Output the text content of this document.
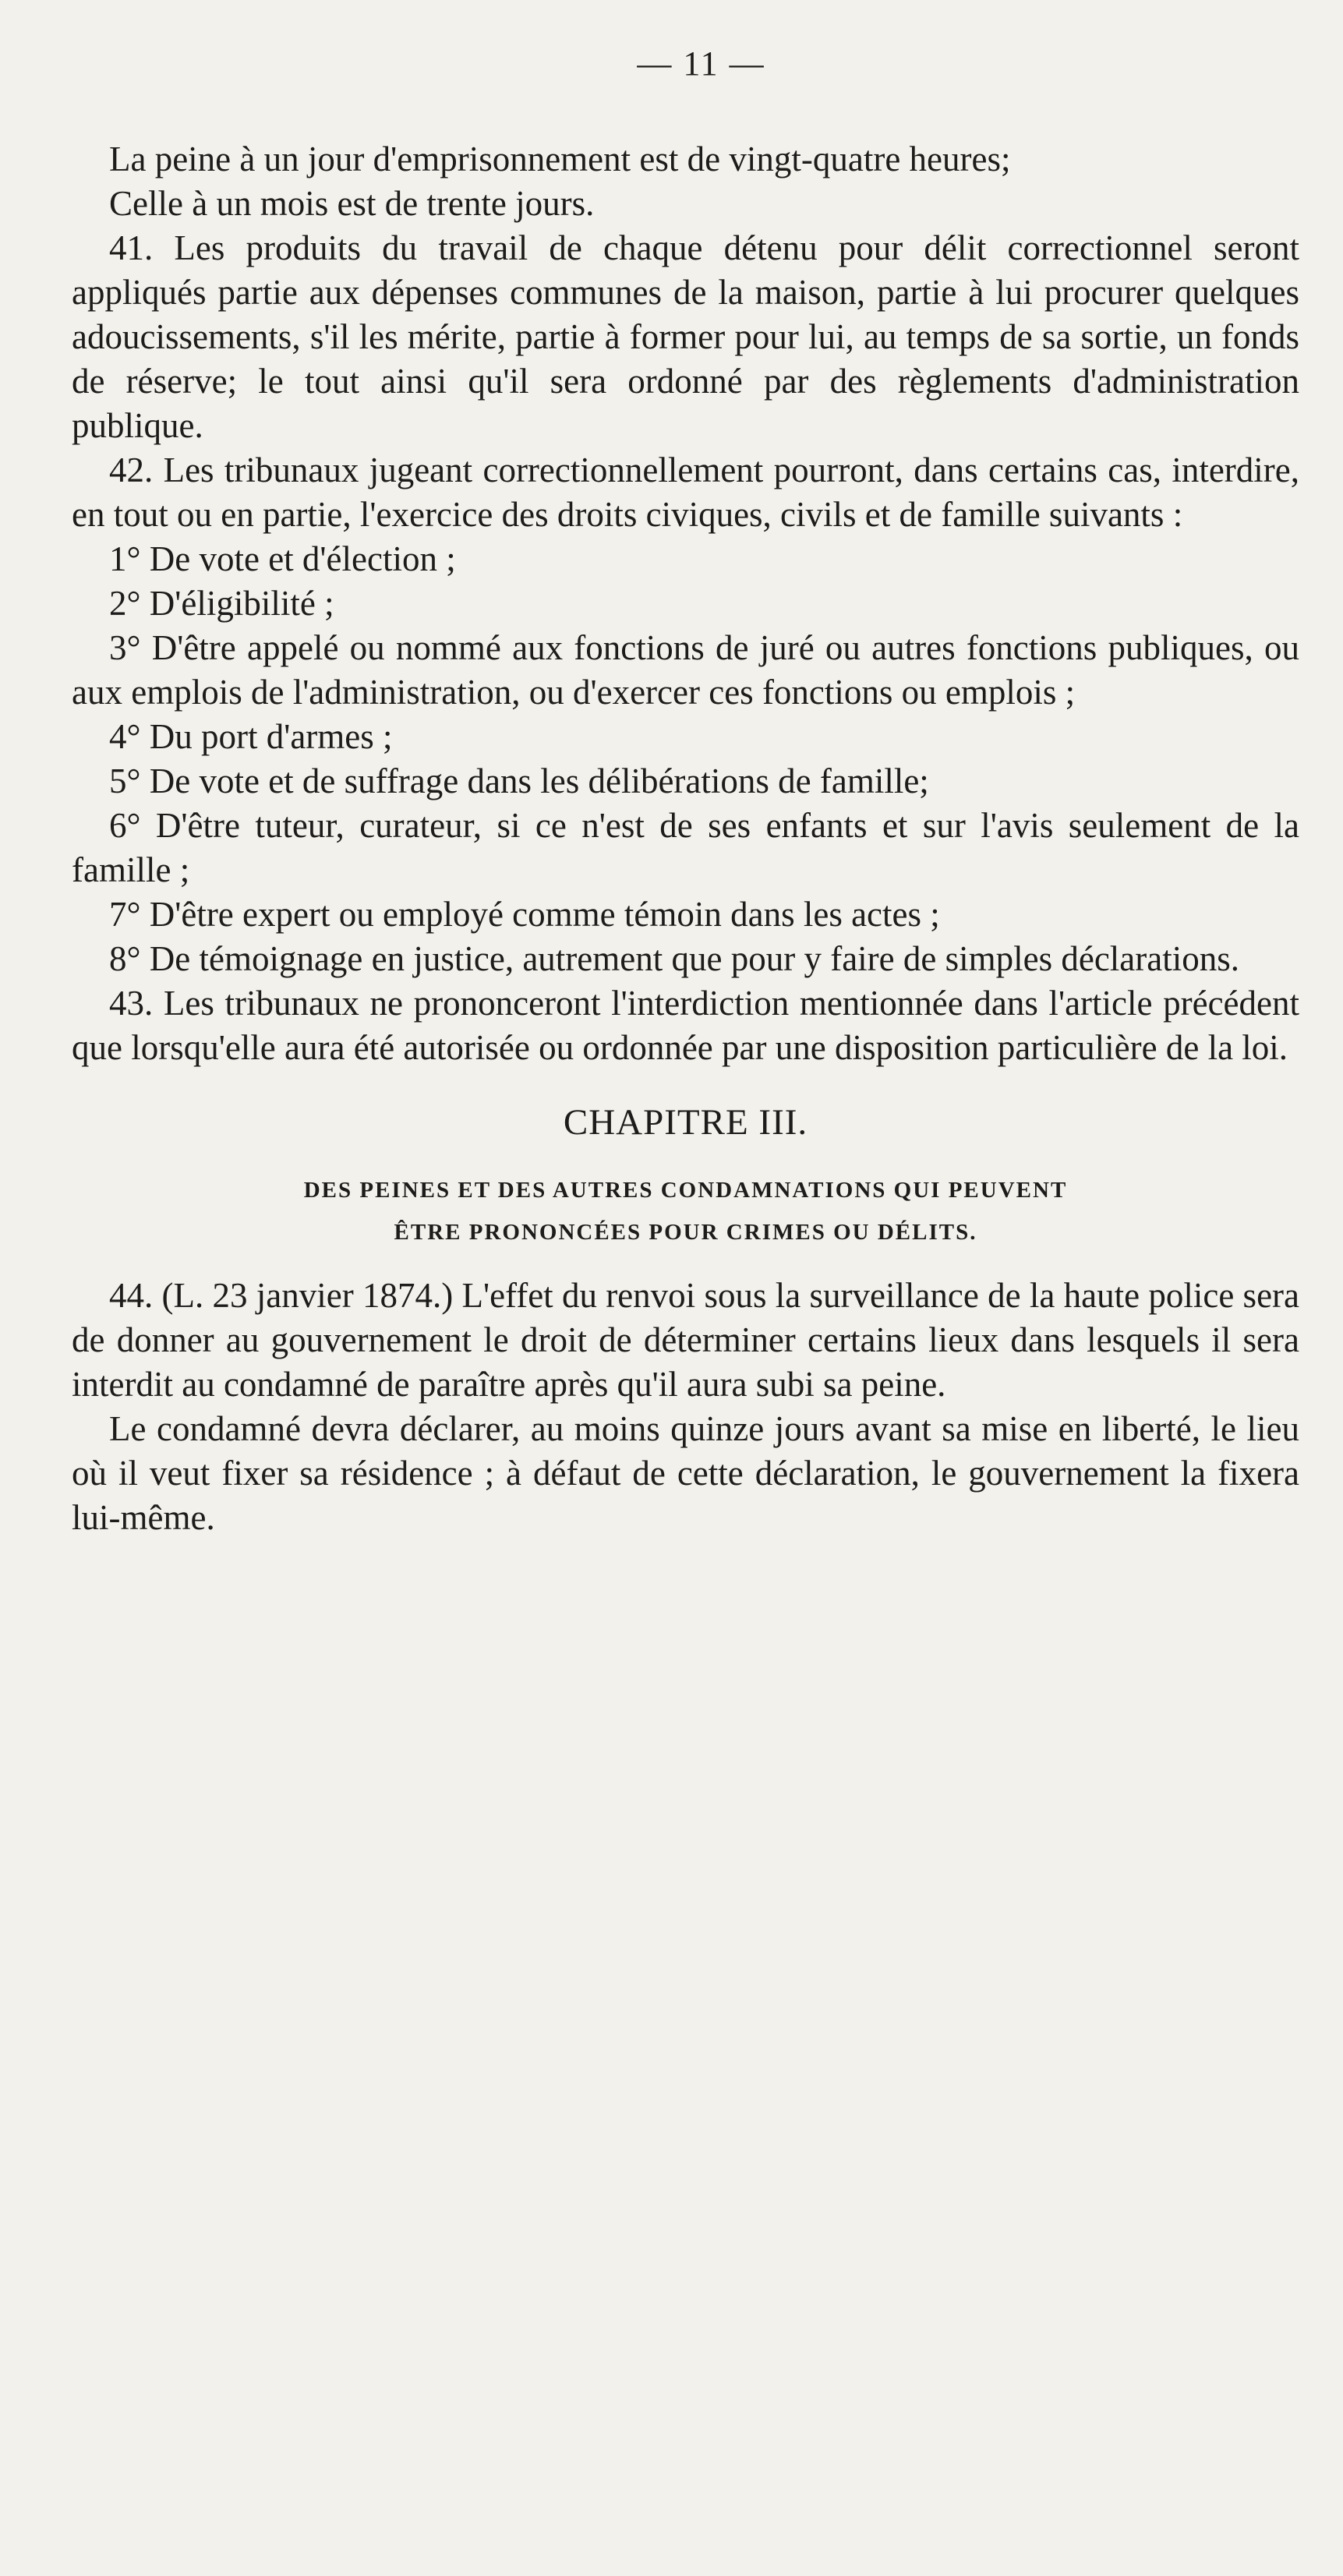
— 11 —

La peine à un jour d'emprisonnement est de vingt-quatre heures;

Celle à un mois est de trente jours.

41. Les produits du travail de chaque détenu pour délit correctionnel seront appliqués partie aux dépenses communes de la maison, partie à lui procurer quelques adoucissements, s'il les mérite, partie à former pour lui, au temps de sa sortie, un fonds de réserve; le tout ainsi qu'il sera ordonné par des règlements d'administration publique.

42. Les tribunaux jugeant correctionnellement pourront, dans certains cas, interdire, en tout ou en partie, l'exercice des droits civiques, civils et de famille suivants :

1° De vote et d'élection ;

2° D'éligibilité ;

3° D'être appelé ou nommé aux fonctions de juré ou autres fonctions publiques, ou aux emplois de l'administration, ou d'exercer ces fonctions ou emplois ;

4° Du port d'armes ;

5° De vote et de suffrage dans les délibérations de famille;

6° D'être tuteur, curateur, si ce n'est de ses enfants et sur l'avis seulement de la famille ;

7° D'être expert ou employé comme témoin dans les actes ;

8° De témoignage en justice, autrement que pour y faire de simples déclarations.

43. Les tribunaux ne prononceront l'interdiction mentionnée dans l'article précédent que lorsqu'elle aura été autorisée ou ordonnée par une disposition particulière de la loi.

CHAPITRE III.
DES PEINES ET DES AUTRES CONDAMNATIONS QUI PEUVENT
ÊTRE PRONONCÉES POUR CRIMES OU DÉLITS.

44. (L. 23 janvier 1874.) L'effet du renvoi sous la surveillance de la haute police sera de donner au gouvernement le droit de déterminer certains lieux dans lesquels il sera interdit au condamné de paraître après qu'il aura subi sa peine.

Le condamné devra déclarer, au moins quinze jours avant sa mise en liberté, le lieu où il veut fixer sa résidence ; à défaut de cette déclaration, le gouvernement la fixera lui-même.
